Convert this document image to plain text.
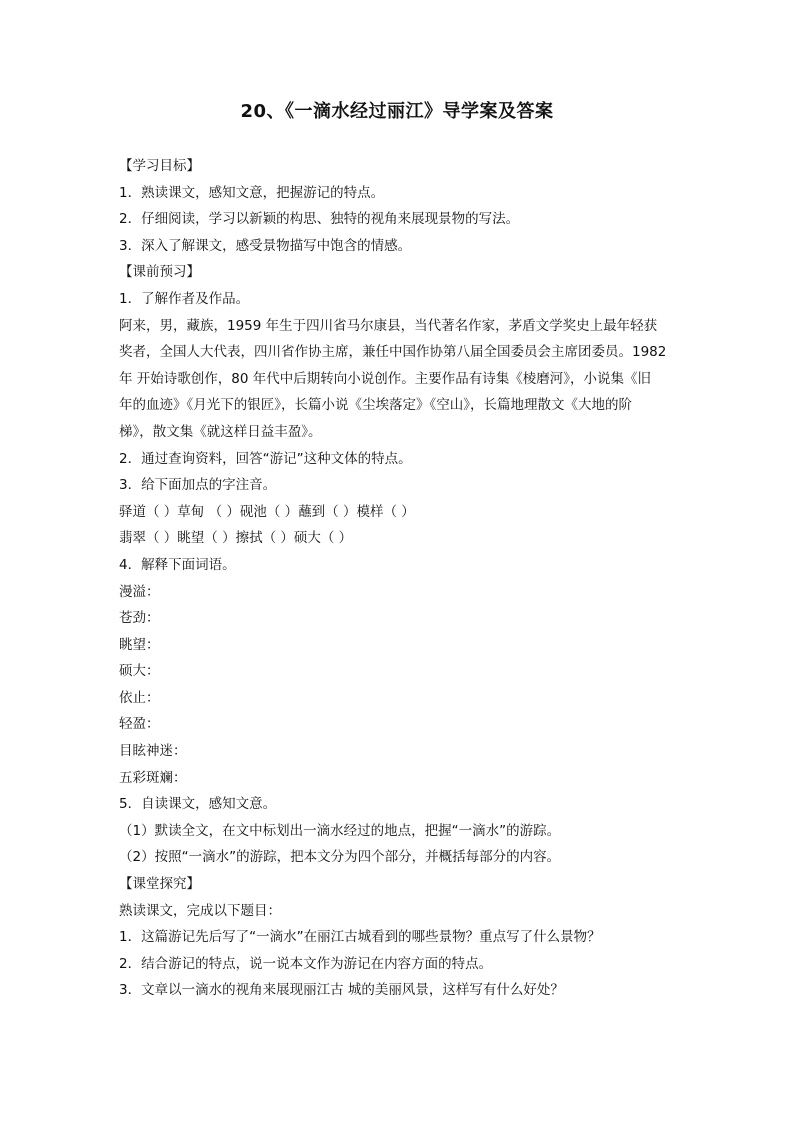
20、《一滴水经过丽江》导学案及答案
【学习目标】
1．熟读课文，感知文意，把握游记的特点。
2．仔细阅读，学习以新颖的构思、独特的视角来展现景物的写法。
3．深入了解课文，感受景物描写中饱含的情感。
【课前预习】
1．了解作者及作品。
阿来，男，藏族，1959 年生于四川省马尔康县，当代著名作家，茅盾文学奖史上最年轻获
奖者，全国人大代表，四川省作协主席，兼任中国作协第八届全国委员会主席团委员。1982
年 开始诗歌创作，80 年代中后期转向小说创作。主要作品有诗集《棱磨河》，小说集《旧
年的血迹》《月光下的银匠》，长篇小说《尘埃落定》《空山》，长篇地理散文《大地的阶
梯》，散文集《就这样日益丰盈》。
2．通过查询资料，回答“游记”这种文体的特点。
3．给下面加点的字注音。
驿道（ ）草甸 （ ）砚池（ ）蘸到（ ）模样（ ）
翡翠（ ）眺望（ ）擦拭（ ）硕大（ ）
4．解释下面词语。
漫溢：
苍劲：
眺望：
硕大：
依止：
轻盈：
目眩神迷：
五彩斑斓：
5．自读课文，感知文意。
（1）默读全文，在文中标划出一滴水经过的地点，把握“一滴水”的游踪。
（2）按照“一滴水”的游踪，把本文分为四个部分，并概括每部分的内容。
【课堂探究】
熟读课文，完成以下题目：
1．这篇游记先后写了“一滴水”在丽江古城看到的哪些景物？重点写了什么景物？
2．结合游记的特点，说一说本文作为游记在内容方面的特点。
3．文章以一滴水的视角来展现丽江古 城的美丽风景，这样写有什么好处？
